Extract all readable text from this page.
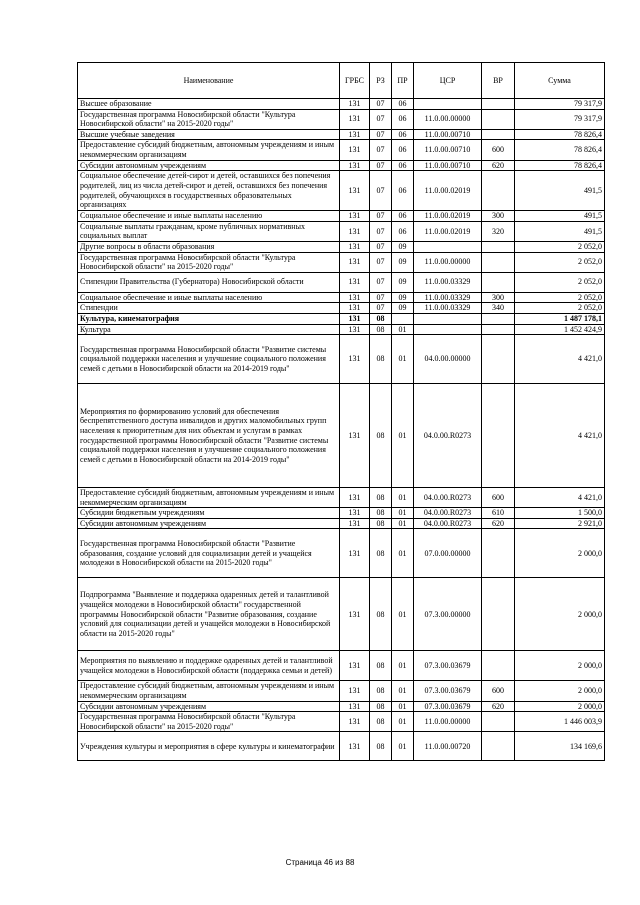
Наименование	ГРБС	РЗ	ПР	ЦСР	ВР	Сумма
Высшее образование	131	07	06			79 317,9
Государственная программа Новосибирской области "Культура Новосибирской области" на 2015-2020 годы"	131	07	06	11.0.00.00000		79 317,9
Высшие учебные заведения	131	07	06	11.0.00.00710		78 826,4
Предоставление субсидий бюджетным, автономным учреждениям и иным некоммерческим организациям	131	07	06	11.0.00.00710	600	78 826,4
Субсидии автономным учреждениям	131	07	06	11.0.00.00710	620	78 826,4
Социальное обеспечение детей-сирот и детей, оставшихся без попечения родителей, лиц из числа детей-сирот и детей, оставшихся без попечения родителей, обучающихся в государственных образовательных организациях	131	07	06	11.0.00.02019		491,5
Социальное обеспечение и иные выплаты населению	131	07	06	11.0.00.02019	300	491,5
Социальные выплаты гражданам, кроме публичных нормативных социальных выплат	131	07	06	11.0.00.02019	320	491,5
Другие вопросы в области образования	131	07	09			2 052,0
Государственная программа Новосибирской области "Культура Новосибирской области" на 2015-2020 годы"	131	07	09	11.0.00.00000		2 052,0
Стипендии Правительства (Губернатора) Новосибирской области	131	07	09	11.0.00.03329		2 052,0
Социальное обеспечение и иные выплаты населению	131	07	09	11.0.00.03329	300	2 052,0
Стипендии	131	07	09	11.0.00.03329	340	2 052,0
Культура, кинематография	131	08				1 487 178,1
Культура	131	08	01			1 452 424,9
Государственная программа Новосибирской области "Развитие системы социальной поддержки населения и улучшение социального положения семей с детьми в Новосибирской области на 2014-2019 годы"	131	08	01	04.0.00.00000		4 421,0
Мероприятия по формированию условий для обеспечения беспрепятственного доступа инвалидов и других маломобильных групп населения к приоритетным для них объектам и услугам в рамках государственной программы Новосибирской области "Развитие системы социальной поддержки населения и улучшение социального положения семей с детьми в Новосибирской области на 2014-2019 годы"	131	08	01	04.0.00.R0273		4 421,0
Предоставление субсидий бюджетным, автономным учреждениям и иным некоммерческим организациям	131	08	01	04.0.00.R0273	600	4 421,0
Субсидии бюджетным учреждениям	131	08	01	04.0.00.R0273	610	1 500,0
Субсидии автономным учреждениям	131	08	01	04.0.00.R0273	620	2 921,0
Государственная программа Новосибирской области "Развитие образования, создание условий для социализации детей и учащейся молодежи в Новосибирской области на 2015-2020 годы"	131	08	01	07.0.00.00000		2 000,0
Подпрограмма "Выявление и поддержка одаренных детей и талантливой учащейся молодежи в Новосибирской области" государственной программы Новосибирской области "Развитие образования, создание условий для социализации детей и учащейся молодежи в Новосибирской области на 2015-2020 годы"	131	08	01	07.3.00.00000		2 000,0
Мероприятия по выявлению и поддержке одаренных детей и талантливой учащейся молодежи в Новосибирской области (поддержка семьи и детей)	131	08	01	07.3.00.03679		2 000,0
Предоставление субсидий бюджетным, автономным учреждениям и иным некоммерческим организациям	131	08	01	07.3.00.03679	600	2 000,0
Субсидии автономным учреждениям	131	08	01	07.3.00.03679	620	2 000,0
Государственная программа Новосибирской области "Культура Новосибирской области" на 2015-2020 годы"	131	08	01	11.0.00.00000		1 446 003,9
Учреждения культуры и мероприятия в сфере культуры и кинематографии	131	08	01	11.0.00.00720		134 169,6
Страница 46 из 88
